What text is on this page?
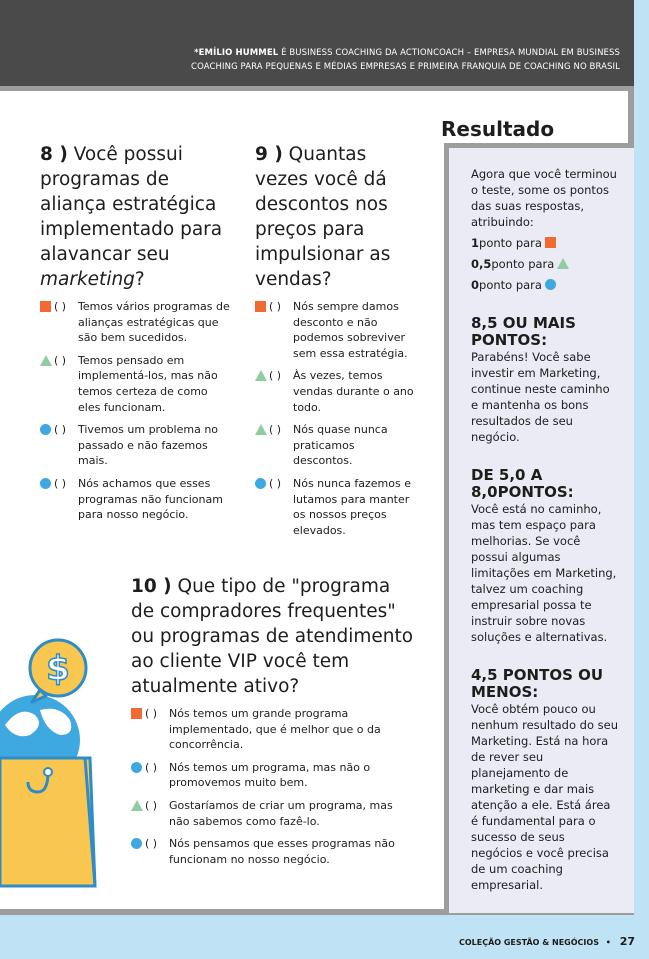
*EMÍLIO HUMMEL É BUSINESS COACHING DA ACTIONCOACH – EMPRESA MUNDIAL EM BUSINESS
COACHING PARA PEQUENAS E MÉDIAS EMPRESAS E PRIMEIRA FRANQUIA DE COACHING NO BRASIL
8 ) Você possui programas de aliança estratégica implementado para alavancar seu marketing?
( )	Temos vários programas de alianças estratégicas que são bem sucedidos.
( )	Temos pensado em implementá-los, mas não temos certeza de como eles funcionam.
( )	Tivemos um problema no passado e não fazemos mais.
( )	Nós achamos que esses programas não funcionam para nosso negócio.
9 ) Quantas vezes você dá descontos nos preços para impulsionar as vendas?
( )	Nós sempre damos desconto e não podemos sobreviver sem essa estratégia.
( )	Às vezes, temos vendas durante o ano todo.
( )	Nós quase nunca praticamos descontos.
( )	Nós nunca fazemos e lutamos para manter os nossos preços elevados.
10 ) Que tipo de "programa de compradores frequentes" ou programas de atendimento ao cliente VIP você tem atualmente ativo?
( )	Nós temos um grande programa implementado, que é melhor que o da concorrência.
( )	Nós temos um programa, mas não o promovemos muito bem.
( )	Gostaríamos de criar um programa, mas não sabemos como fazê-lo.
( )	Nós pensamos que esses programas não funcionam no nosso negócio.
$
Resultado

Agora que você terminou o teste, some os pontos das suas respostas, atribuindo:

1 ponto para
0,5 ponto para
0 ponto para
8,5 OU MAIS PONTOS:

Parabéns! Você sabe investir em Marketing, continue neste caminho e mantenha os bons resultados de seu negócio.

DE 5,0 A 8,0PONTOS:

Você está no caminho, mas tem espaço para melhorias. Se você possui algumas limitações em Marketing, talvez um coaching empresarial possa te instruir sobre novas soluções e alternativas.

4,5 PONTOS OU MENOS:

Você obtém pouco ou nenhum resultado do seu Marketing. Está na hora de rever seu planejamento de marketing e dar mais atenção a ele. Está área é fundamental para o sucesso de seus negócios e você precisa de um coaching empresarial.

COLEÇÃO GESTÃO & NEGÓCIOS • 27
